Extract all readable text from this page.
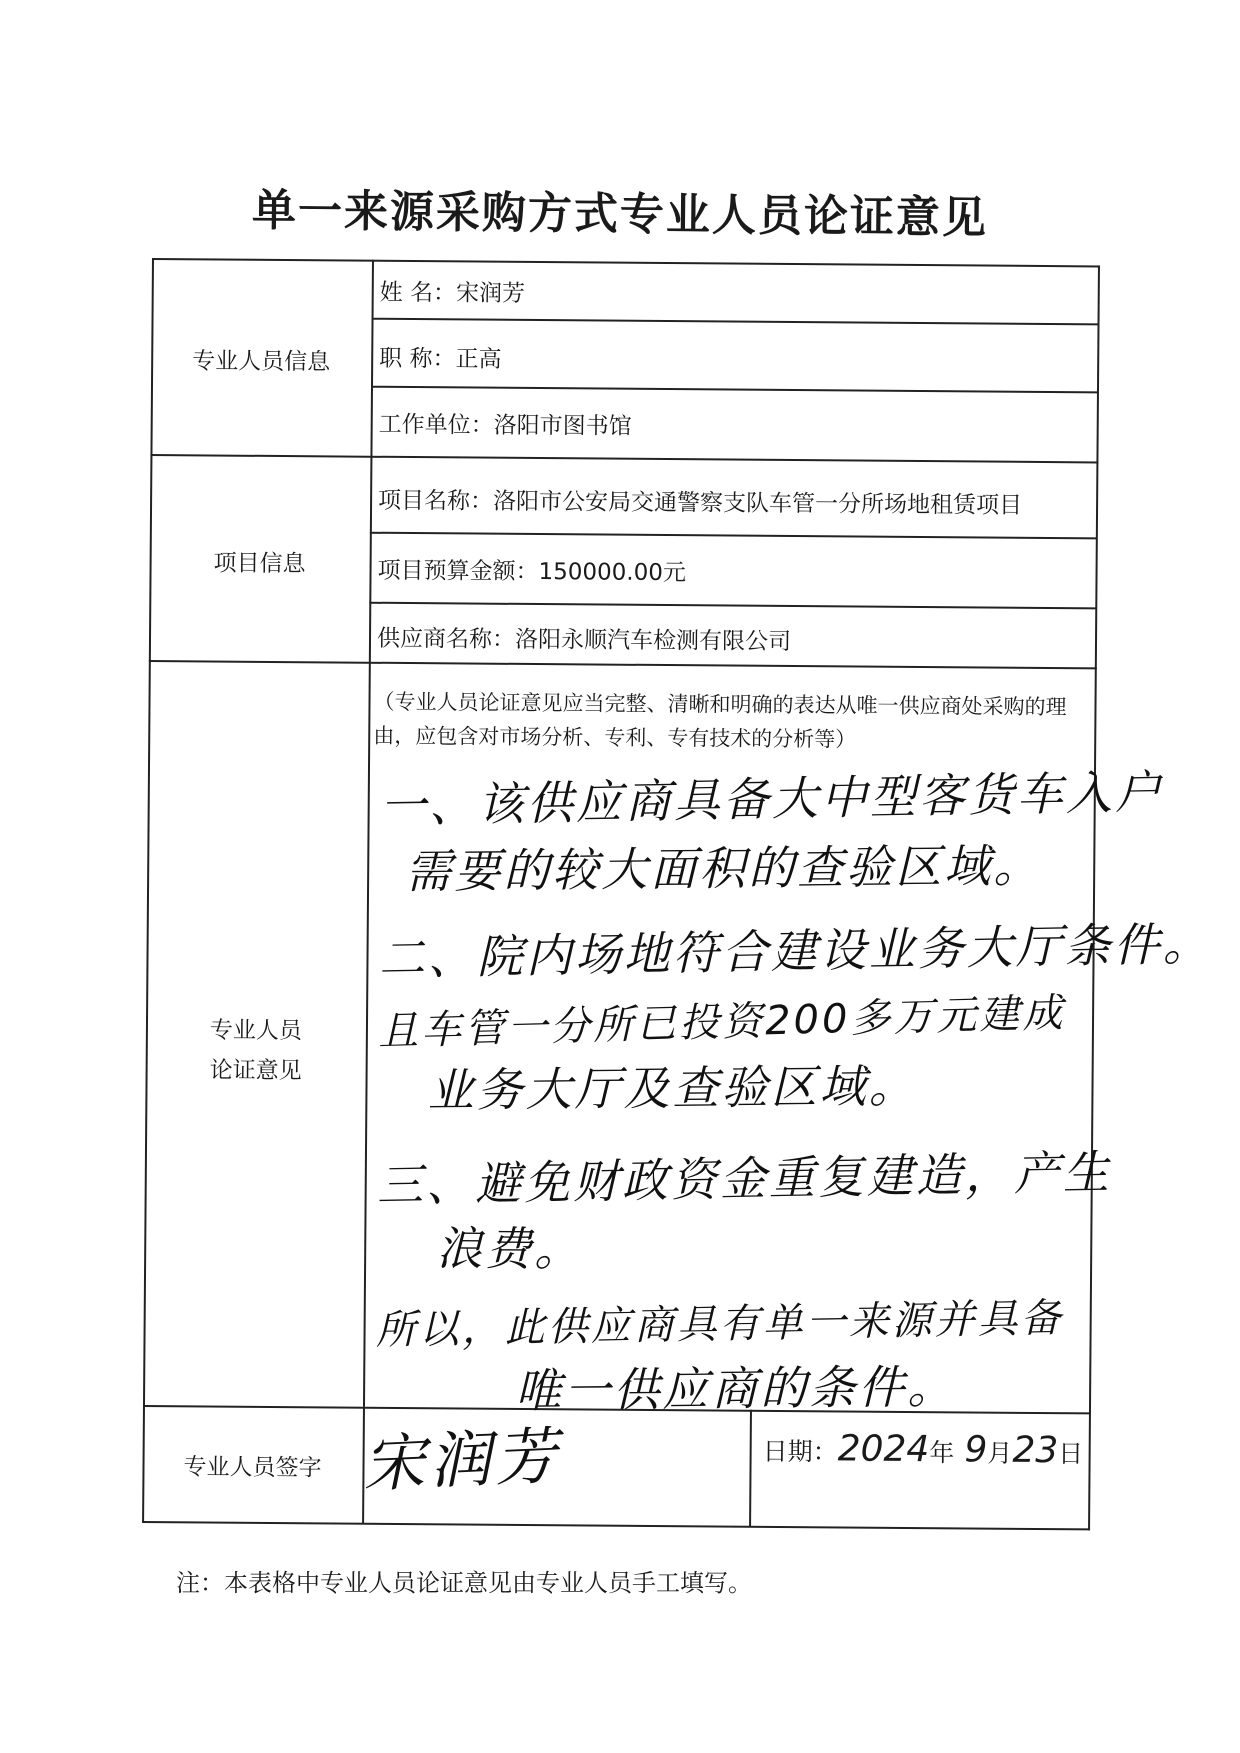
单一来源采购方式专业人员论证意见
专业人员信息
项目信息
专业人员
论证意见
专业人员签字
姓 名：宋润芳
职 称：正高
工作单位：洛阳市图书馆
项目名称：洛阳市公安局交通警察支队车管一分所场地租赁项目
项目预算金额：150000.00元
供应商名称：洛阳永顺汽车检测有限公司
（专业人员论证意见应当完整、清晰和明确的表达从唯一供应商处采购的理由，应包含对市场分析、专利、专有技术的分析等）
一、该供应商具备大中型客货车入户
需要的较大面积的查验区域。
二、院内场地符合建设业务大厅条件。
且车管一分所已投资200多万元建成
业务大厅及查验区域。
三、避免财政资金重复建造，产生
浪费。
所以，此供应商具有单一来源并具备
唯一供应商的条件。
宋润芳	日期：2024年 9月23日
注：本表格中专业人员论证意见由专业人员手工填写。
